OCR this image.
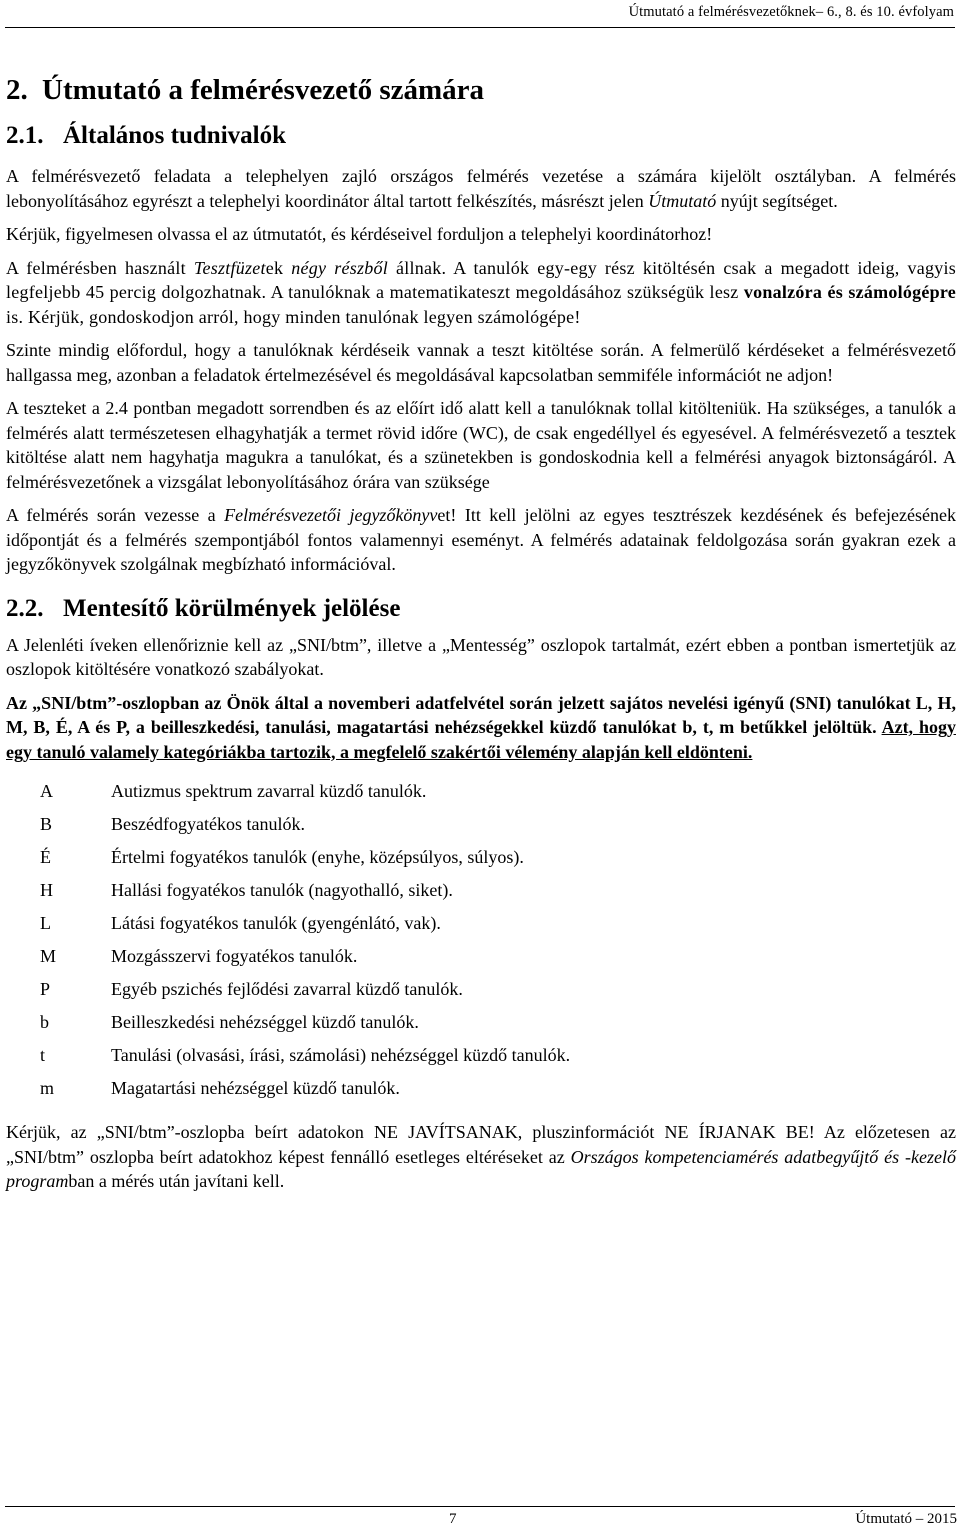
Útmutató a felmérésvezetőknek– 6., 8. és 10. évfolyam
2. Útmutató a felmérésvezető számára
2.1. Általános tudnivalók

A felmérésvezető feladata a telephelyen zajló országos felmérés vezetése a számára kijelölt osztályban. A felmérés lebonyolításához egyrészt a telephelyi koordinátor által tartott felkészítés, másrészt jelen Útmutató nyújt segítséget.

Kérjük, figyelmesen olvassa el az útmutatót, és kérdéseivel forduljon a telephelyi koordinátorhoz!

A felmérésben használt Tesztfüzetek négy részből állnak. A tanulók egy-egy rész kitöltésén csak a megadott ideig, vagyis legfeljebb 45 percig dolgozhatnak. A tanulóknak a matematikateszt megoldásához szükségük lesz vonalzóra és számológépre is. Kérjük, gondoskodjon arról, hogy minden tanulónak legyen számológépe!

Szinte mindig előfordul, hogy a tanulóknak kérdéseik vannak a teszt kitöltése során. A felmerülő kérdéseket a felmérésvezető hallgassa meg, azonban a feladatok értelmezésével és megoldásával kapcsolatban semmiféle információt ne adjon!

A teszteket a 2.4 pontban megadott sorrendben és az előírt idő alatt kell a tanulóknak tollal kitölteniük. Ha szükséges, a tanulók a felmérés alatt természetesen elhagyhatják a termet rövid időre (WC), de csak engedéllyel és egyesével. A felmérésvezető a tesztek kitöltése alatt nem hagyhatja magukra a tanulókat, és a szünetekben is gondoskodnia kell a felmérési anyagok biztonságáról. A felmérésvezetőnek a vizsgálat lebonyolításához órára van szüksége

A felmérés során vezesse a Felmérésvezetői jegyzőkönyvet! Itt kell jelölni az egyes tesztrészek kezdésének és befejezésének időpontját és a felmérés szempontjából fontos valamennyi eseményt. A felmérés adatainak feldolgozása során gyakran ezek a jegyzőkönyvek szolgálnak megbízható információval.

2.2. Mentesítő körülmények jelölése

A Jelenléti íveken ellenőriznie kell az „SNI/btm”, illetve a „Mentesség” oszlopok tartalmát, ezért ebben a pontban ismertetjük az oszlopok kitöltésére vonatkozó szabályokat.

Az „SNI/btm”-oszlopban az Önök által a novemberi adatfelvétel során jelzett sajátos nevelési igényű (SNI) tanulókat L, H, M, B, É, A és P, a beilleszkedési, tanulási, magatartási nehézségekkel küzdő tanulókat b, t, m betűkkel jelöltük. Azt, hogy egy tanuló valamely kategóriákba tartozik, a megfelelő szakértői vélemény alapján kell eldönteni.

A	Autizmus spektrum zavarral küzdő tanulók.
B	Beszédfogyatékos tanulók.
É	Értelmi fogyatékos tanulók (enyhe, középsúlyos, súlyos).
H	Hallási fogyatékos tanulók (nagyothalló, siket).
L	Látási fogyatékos tanulók (gyengénlátó, vak).
M	Mozgásszervi fogyatékos tanulók.
P	Egyéb pszichés fejlődési zavarral küzdő tanulók.
b	Beilleszkedési nehézséggel küzdő tanulók.
t	Tanulási (olvasási, írási, számolási) nehézséggel küzdő tanulók.
m	Magatartási nehézséggel küzdő tanulók.

Kérjük, az „SNI/btm”-oszlopba beírt adatokon NE JAVÍTSANAK, pluszinformációt NE ÍRJANAK BE! Az előzetesen az „SNI/btm” oszlopba beírt adatokhoz képest fennálló esetleges eltéréseket az Országos kompetenciamérés adatbegyűjtő és -kezelő programban a mérés után javítani kell.

7	Útmutató – 2015
